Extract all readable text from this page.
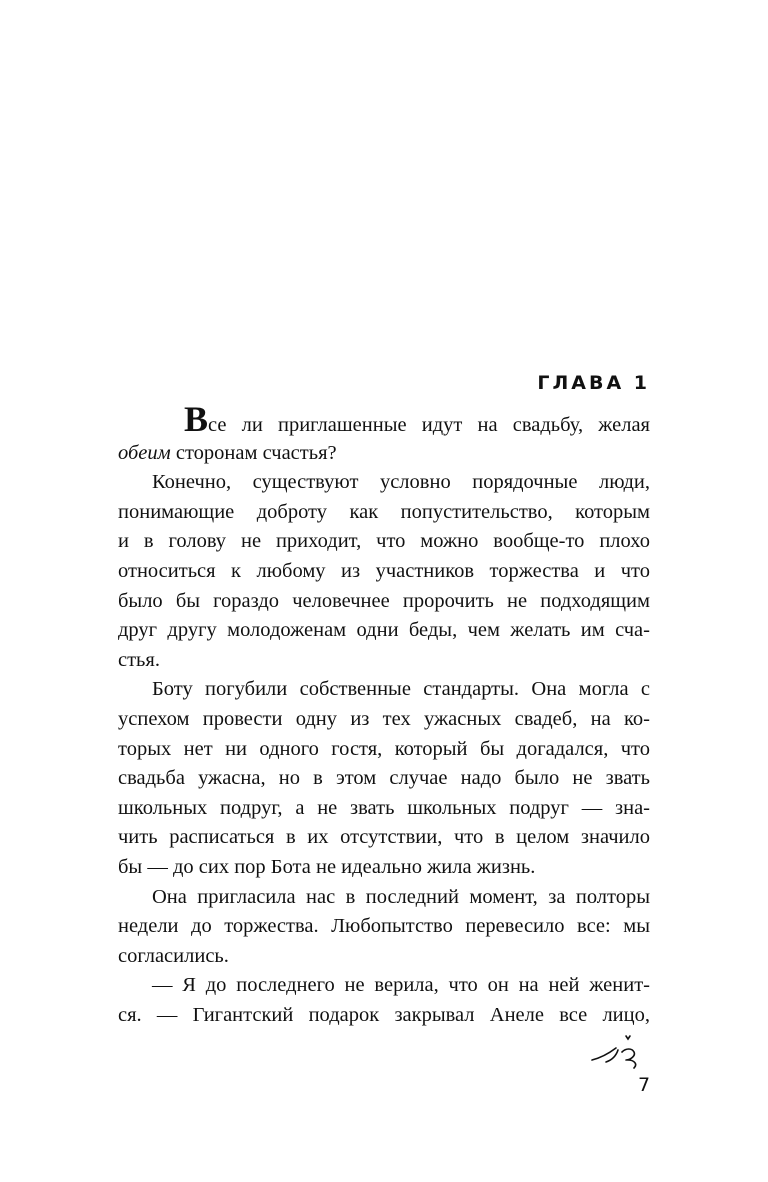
ГЛАВА 1
Все ли приглашенные идут на свадьбу, желая
обеим сторонам счастья?
Конечно, существуют условно порядочные люди,
понимающие доброту как попустительство, которым
и в голову не приходит, что можно вообще-то плохо
относиться к любому из участников торжества и что
было бы гораздо человечнее пророчить не подходящим
друг другу молодоженам одни беды, чем желать им сча-
стья.
Боту погубили собственные стандарты. Она могла с
успехом провести одну из тех ужасных свадеб, на ко-
торых нет ни одного гостя, который бы догадался, что
свадьба ужасна, но в этом случае надо было не звать
школьных подруг, а не звать школьных подруг — зна-
чить расписаться в их отсутствии, что в целом значило
бы — до сих пор Бота не идеально жила жизнь.
Она пригласила нас в последний момент, за полторы
недели до торжества. Любопытство перевесило все: мы
согласились.
— Я до последнего не верила, что он на ней женит-
ся. — Гигантский подарок закрывал Анеле все лицо,
7
